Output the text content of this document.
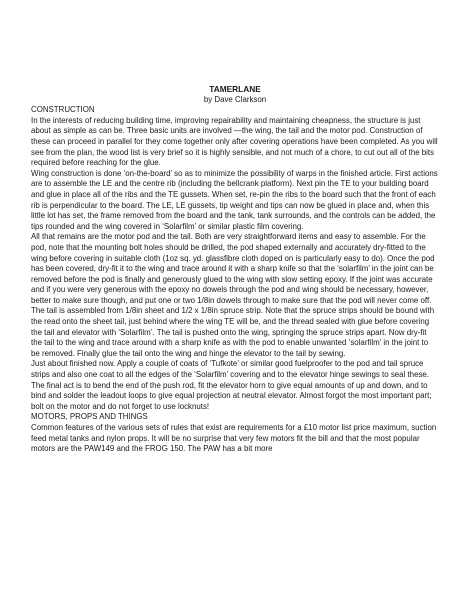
TAMERLANE

by Dave Clarkson

CONSTRUCTION

In the interests of reducing building time, improving repairability and maintaining cheapness, the structure is just about as simple as can be. Three basic units are involved —the wing, the tail and the motor pod. Construction of these can proceed in parallel for they come together only after covering operations have been completed. As you will see from the plan, the wood list is very brief so it is highly sensible, and not much of a chore, to cut out all of the bits required before reaching for the glue.

Wing construction is done ‘on-the-board’ so as to minimize the possibility of warps in the finished article. First actions are to assemble the LE and the centre rib (including the bellcrank platform). Next pin the TE to your building board and glue in place all of the ribs and the TE gussets. When set, re-pin the ribs to the board such that the front of each rib is perpendicular to the board. The LE, LE gussets, tip weight and tips can now be glued in place and, when this little lot has set, the frame removed from the board and the tank, tank surrounds, and the controls can be added, the tips rounded and the wing covered in ‘Solarfilm’ or similar plastic film covering.

All that remains are the motor pod and the tail. Both are very straightforward items and easy to assemble. For the pod, note that the mounting bolt holes should be drilled, the pod shaped externally and accurately dry-fitted to the wing before covering in suitable cloth (1oz sq. yd. glassfibre cloth doped on is particularly easy to do). Once the pod has been covered, dry-fit it to the wing and trace around it with a sharp knife so that the ‘solarfilm’ in the joint can be removed before the pod is finally and generously glued to the wing with slow setting epoxy. If the joint was accurate and if you were very generous with the epoxy no dowels through the pod and wing should be necessary, however, better to make sure though, and put one or two 1/8in dowels through to make sure that the pod will never come off.

The tail is assembled from 1/8in sheet and 1/2 x 1/8in spruce strip. Note that the spruce strips should be bound with the read onto the sheet tail, just behind where the wing TE will be, and the thread sealed with glue before covering the tail and elevator with ‘Solarfilm’. The tail is pushed onto the wing, springing the spruce strips apart. Now dry-fit the tail to the wing and trace around with a sharp knife as with the pod to enable unwanted ‘solarfilm’ in the joint to be removed. Finally glue the tail onto the wing and hinge the elevator to the tail by sewing.

Just about finished now. Apply a couple of coats of ‘Tufkote’ or similar good fuelproofer to the pod and tail spruce strips and also one coat to all the edges of the ‘Solarfilm’ covering and to the elevator hinge sewings to seal these. The final act is to bend the end of the push rod, fit the elevator horn to give equal amounts of up and down, and to bind and solder the leadout loops to give equal projection at neutral elevator. Almost forgot the most important part; bolt on the motor and do not forget to use locknuts!

MOTORS, PROPS AND THINGS

Common features of the various sets of rules that exist are requirements for a £10 motor list price maximum, suction feed metal tanks and nylon props. It will be no surprise that very few motors fit the bill and that the most popular motors are the PAW149 and the FROG 150. The PAW has a bit more
